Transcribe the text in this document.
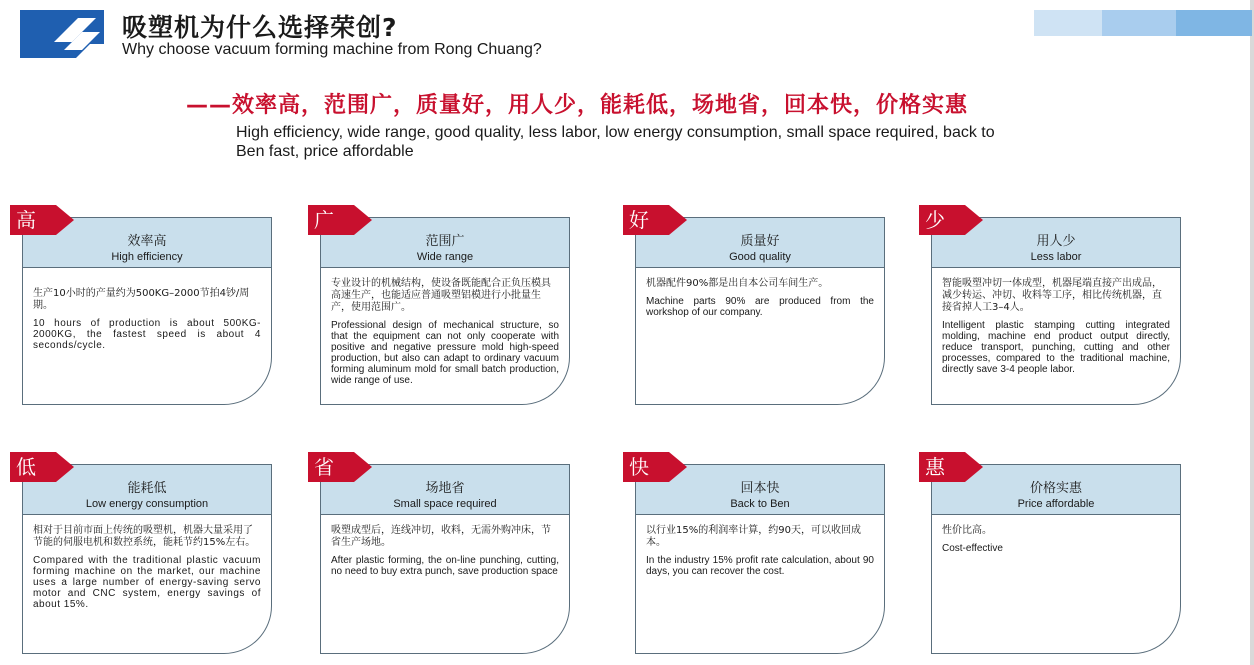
吸塑机为什么选择荣创?
Why choose vacuum forming machine from Rong Chuang?
——效率高，范围广，质量好，用人少，能耗低，场地省，回本快，价格实惠
High efficiency, wide range, good quality, less labor, low energy consumption, small space required, back to Ben fast, price affordable
效率高
High efficiency

生产10小时的产量约为500KG–2000节拍4钞/周期。

10 hours of production is about 500KG-2000KG, the fastest speed is about 4 seconds/cycle.

高
范围广
Wide range

专业设计的机械结构，使设备既能配合正负压模具高速生产，也能适应普通吸塑铝模进行小批量生产，使用范围广。

Professional design of mechanical structure, so that the equipment can not only cooperate with positive and negative pressure mold high-speed production, but also can adapt to ordinary vacuum forming aluminum mold for small batch production, wide range of use.

广
质量好
Good quality

机器配件90%都是出自本公司车间生产。

Machine parts 90% are produced from the workshop of our company.

好
用人少
Less labor

智能吸塑冲切一体成型，机器尾端直接产出成品，减少转运、冲切、收料等工序，相比传统机器，直接省掉人工3–4人。

Intelligent plastic stamping cutting integrated molding, machine end product output directly, reduce transport, punching, cutting and other processes, compared to the traditional machine, directly save 3-4 people labor.

少
能耗低
Low energy consumption

相对于目前市面上传统的吸塑机，机器大量采用了节能的伺服电机和数控系统，能耗节约15%左右。

Compared with the traditional plastic vacuum forming machine on the market, our machine uses a large number of energy-saving servo motor and CNC system, energy savings of about 15%.

低
场地省
Small space required

吸塑成型后，连线冲切，收料，无需外购冲床，节省生产场地。

After plastic forming, the on-line punching, cutting, no need to buy extra punch, save production space

省
回本快
Back to Ben

以行业15%的利润率计算，约90天，可以收回成本。

In the industry 15% profit rate calculation, about 90 days, you can recover the cost.

快
价格实惠
Price affordable

性价比高。

Cost-effective

惠
